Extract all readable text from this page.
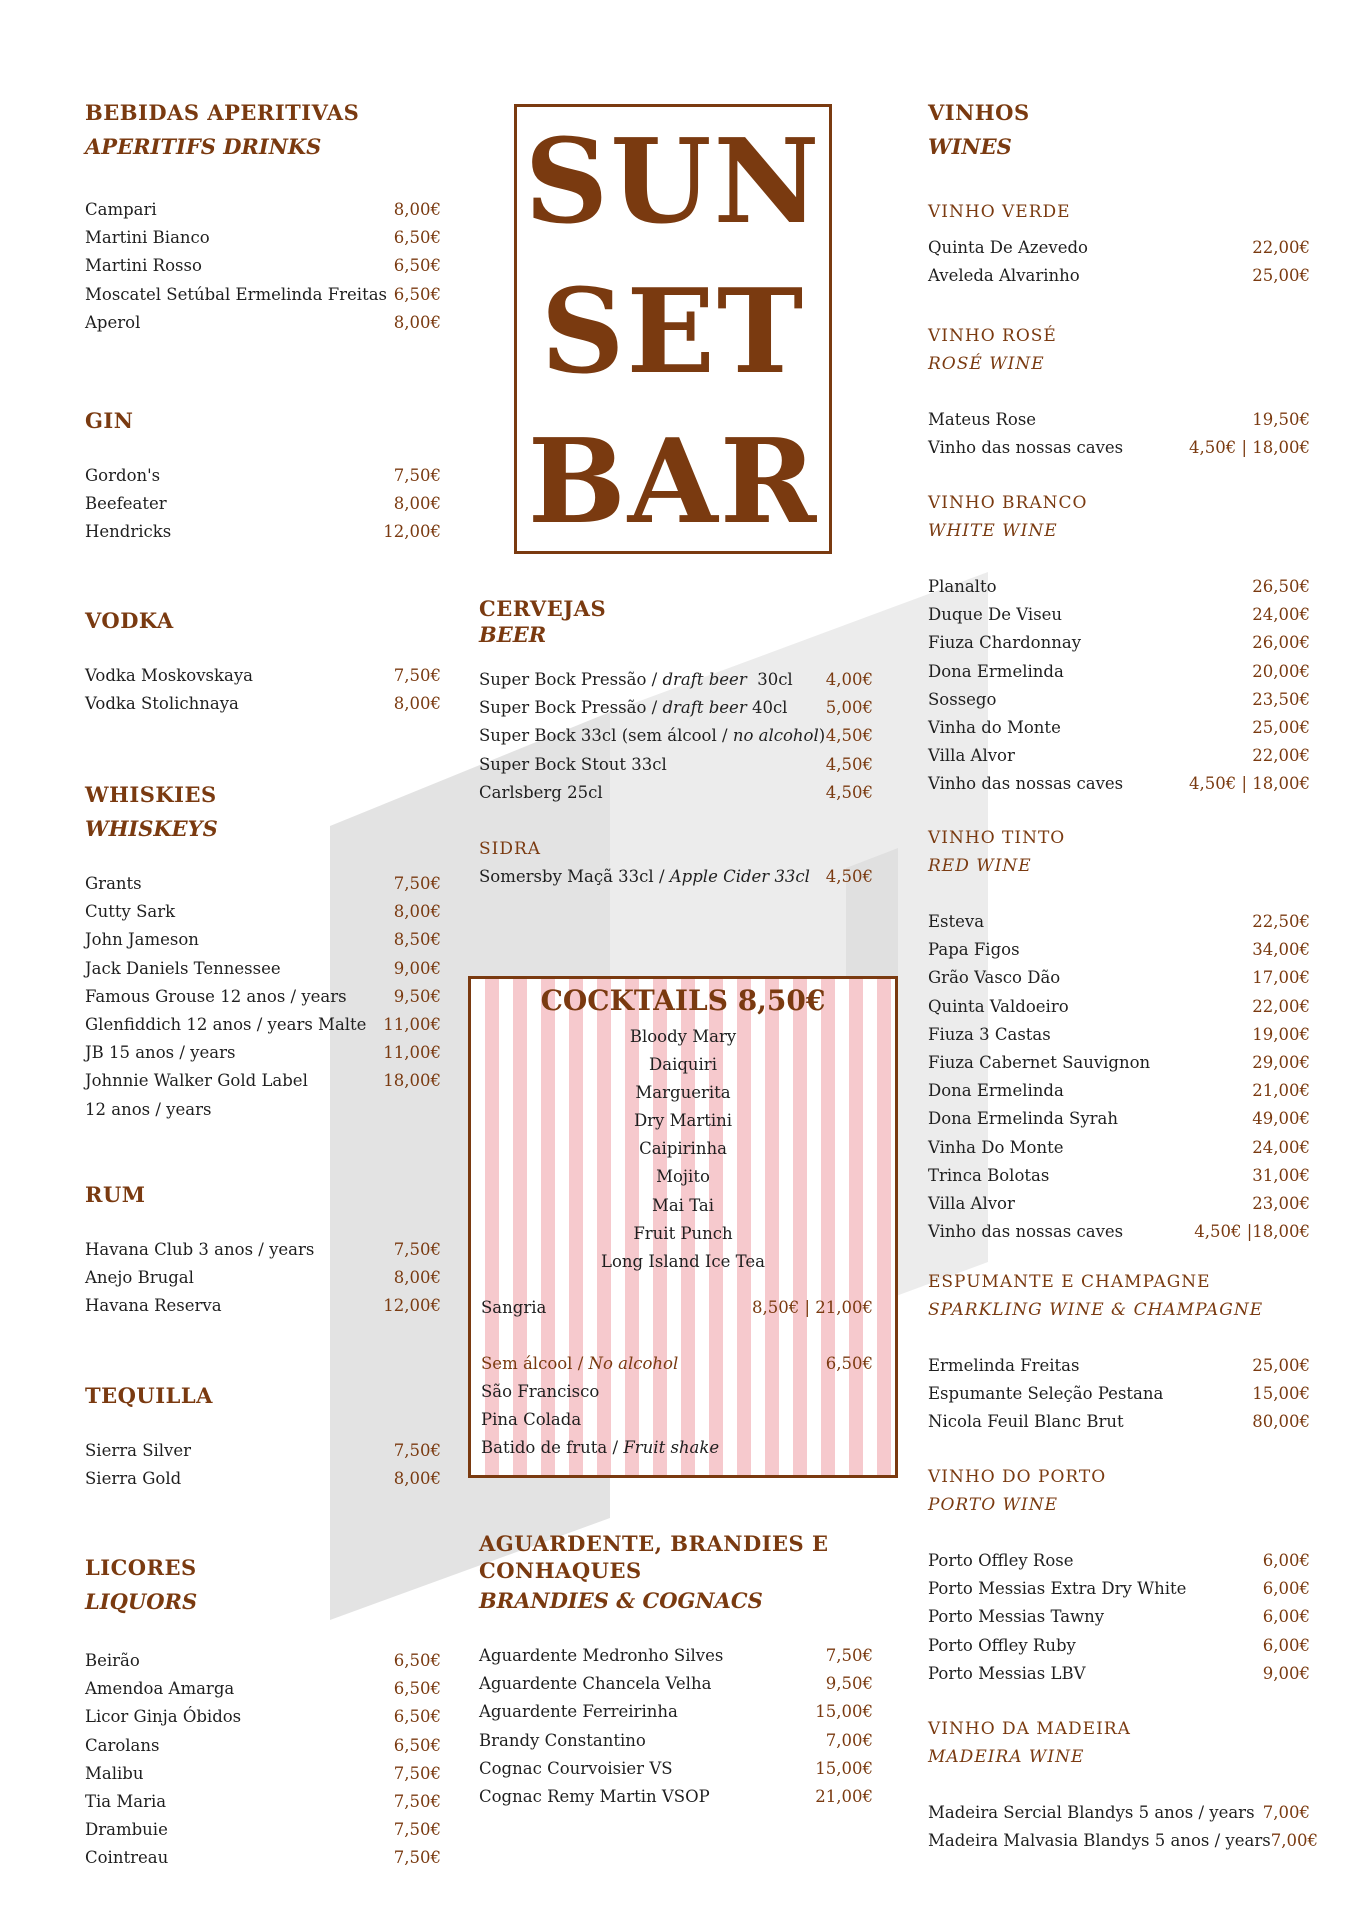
BEBIDAS APERITIVAS
APERITIFS DRINKS
Campari	8,00€
Martini Bianco	6,50€
Martini Rosso	6,50€
Moscatel Setúbal Ermelinda Freitas 6,50€
Aperol	8,00€
GIN
Gordon's	7,50€
Beefeater	8,00€
Hendricks	12,00€
VODKA
Vodka Moskovskaya	7,50€
Vodka Stolichnaya	8,00€
WHISKIES
WHISKEYS
Grants	7,50€
Cutty Sark	8,00€
John Jameson	8,50€
Jack Daniels Tennessee	9,00€
Famous Grouse 12 anos / years	9,50€
Glenfiddich 12 anos / years Malte 11,00€
JB 15 anos / years	11,00€
Johnnie Walker Gold Label	18,00€
12 anos / years
RUM
Havana Club 3 anos / years	7,50€
Anejo Brugal	8,00€
Havana Reserva	12,00€
TEQUILLA
Sierra Silver	7,50€
Sierra Gold	8,00€
LICORES
LIQUORS
Beirão	6,50€
Amendoa Amarga	6,50€
Licor Ginja Óbidos	6,50€
Carolans	6,50€
Malibu	7,50€
Tia Maria	7,50€
Drambuie	7,50€
Cointreau	7,50€
SUN
SET
BAR
CERVEJAS
BEER
Super Bock Pressão / draft beer  30cl 4,00€
Super Bock Pressão / draft beer 40cl 5,00€
Super Bock 33cl (sem álcool / no alcohol) 4,50€
Super Bock Stout 33cl	4,50€
Carlsberg 25cl	4,50€
SIDRA
Somersby Maçã 33cl / Apple Cider 33cl 4,50€
COCKTAILS 8,50€
Bloody Mary
Daiquiri
Marguerita
Dry Martini
Caipirinha
Mojito
Mai Tai
Fruit Punch
Long Island Ice Tea
Sangria	8,50€ | 21,00€
Sem álcool / No alcohol	6,50€
São Francisco
Pina Colada
Batido de fruta / Fruit shake
AGUARDENTE, BRANDIES E
CONHAQUES
BRANDIES & COGNACS
Aguardente Medronho Silves	7,50€
Aguardente Chancela Velha	9,50€
Aguardente Ferreirinha	15,00€
Brandy Constantino	7,00€
Cognac Courvoisier VS	15,00€
Cognac Remy Martin VSOP	21,00€
VINHOS
WINES
VINHO VERDE
Quinta De Azevedo	22,00€
Aveleda Alvarinho	25,00€
VINHO ROSÉ
ROSÉ WINE
Mateus Rose	19,50€
Vinho das nossas caves	4,50€ | 18,00€
VINHO BRANCO
WHITE WINE
Planalto	26,50€
Duque De Viseu	24,00€
Fiuza Chardonnay	26,00€
Dona Ermelinda	20,00€
Sossego	23,50€
Vinha do Monte	25,00€
Villa Alvor	22,00€
Vinho das nossas caves	4,50€ | 18,00€
VINHO TINTO
RED WINE
Esteva	22,50€
Papa Figos	34,00€
Grão Vasco Dão	17,00€
Quinta Valdoeiro	22,00€
Fiuza 3 Castas	19,00€
Fiuza Cabernet Sauvignon	29,00€
Dona Ermelinda	21,00€
Dona Ermelinda Syrah	49,00€
Vinha Do Monte	24,00€
Trinca Bolotas	31,00€
Villa Alvor	23,00€
Vinho das nossas caves	4,50€ |18,00€
ESPUMANTE E CHAMPAGNE
SPARKLING WINE & CHAMPAGNE
Ermelinda Freitas	25,00€
Espumante Seleção Pestana	15,00€
Nicola Feuil Blanc Brut	80,00€
VINHO DO PORTO
PORTO WINE
Porto Offley Rose	6,00€
Porto Messias Extra Dry White	6,00€
Porto Messias Tawny	6,00€
Porto Offley Ruby	6,00€
Porto Messias LBV	9,00€
VINHO DA MADEIRA
MADEIRA WINE
Madeira Sercial Blandys 5 anos / years 7,00€
Madeira Malvasia Blandys 5 anos / years 7,00€
